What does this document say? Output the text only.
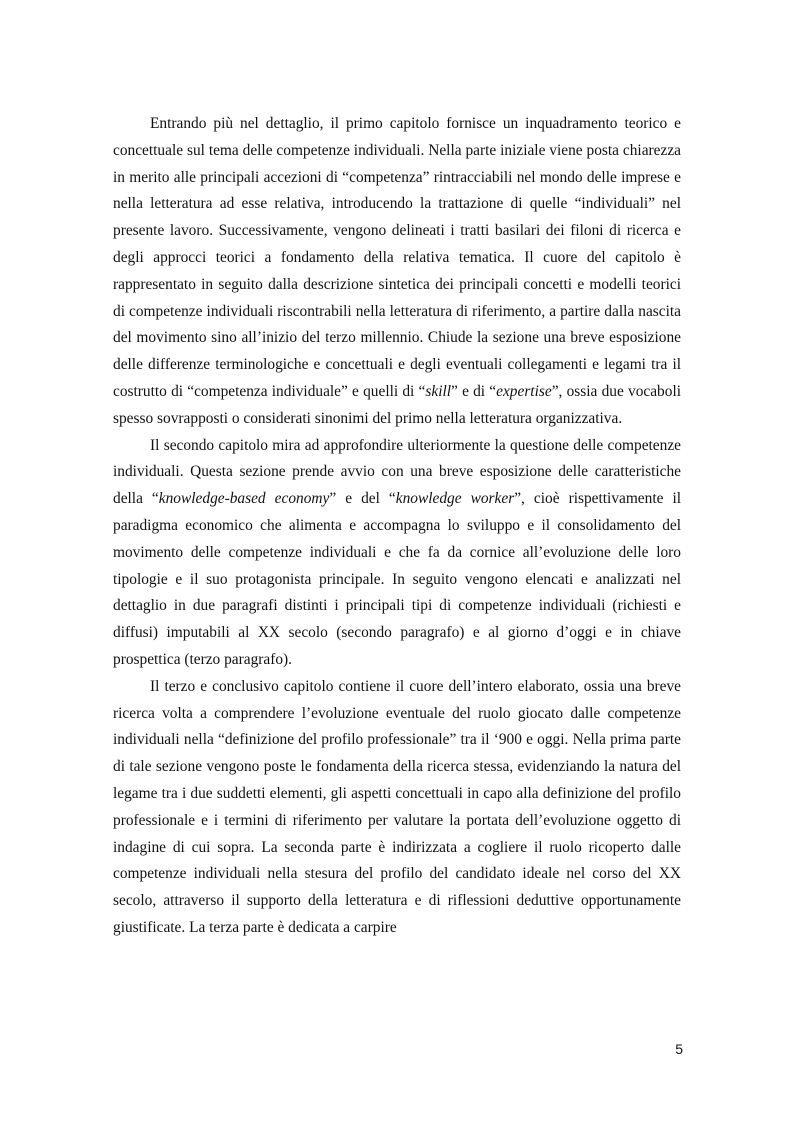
Entrando più nel dettaglio, il primo capitolo fornisce un inquadramento teorico e concettuale sul tema delle competenze individuali. Nella parte iniziale viene posta chiarezza in merito alle principali accezioni di “competenza” rintracciabili nel mondo delle imprese e nella letteratura ad esse relativa, introducendo la trattazione di quelle “individuali” nel presente lavoro. Successivamente, vengono delineati i tratti basilari dei filoni di ricerca e degli approcci teorici a fondamento della relativa tematica. Il cuore del capitolo è rappresentato in seguito dalla descrizione sintetica dei principali concetti e modelli teorici di competenze individuali riscontrabili nella letteratura di riferimento, a partire dalla nascita del movimento sino all’inizio del terzo millennio. Chiude la sezione una breve esposizione delle differenze terminologiche e concettuali e degli eventuali collegamenti e legami tra il costrutto di “competenza individuale” e quelli di “skill” e di “expertise”, ossia due vocaboli spesso sovrapposti o considerati sinonimi del primo nella letteratura organizzativa.

Il secondo capitolo mira ad approfondire ulteriormente la questione delle competenze individuali. Questa sezione prende avvio con una breve esposizione delle caratteristiche della “knowledge-based economy” e del “knowledge worker”, cioè rispettivamente il paradigma economico che alimenta e accompagna lo sviluppo e il consolidamento del movimento delle competenze individuali e che fa da cornice all’evoluzione delle loro tipologie e il suo protagonista principale. In seguito vengono elencati e analizzati nel dettaglio in due paragrafi distinti i principali tipi di competenze individuali (richiesti e diffusi) imputabili al XX secolo (secondo paragrafo) e al giorno d’oggi e in chiave prospettica (terzo paragrafo).

Il terzo e conclusivo capitolo contiene il cuore dell’intero elaborato, ossia una breve ricerca volta a comprendere l’evoluzione eventuale del ruolo giocato dalle competenze individuali nella “definizione del profilo professionale” tra il ‘900 e oggi. Nella prima parte di tale sezione vengono poste le fondamenta della ricerca stessa, evidenziando la natura del legame tra i due suddetti elementi, gli aspetti concettuali in capo alla definizione del profilo professionale e i termini di riferimento per valutare la portata dell’evoluzione oggetto di indagine di cui sopra. La seconda parte è indirizzata a cogliere il ruolo ricoperto dalle competenze individuali nella stesura del profilo del candidato ideale nel corso del XX secolo, attraverso il supporto della letteratura e di riflessioni deduttive opportunamente giustificate. La terza parte è dedicata a carpire

5
